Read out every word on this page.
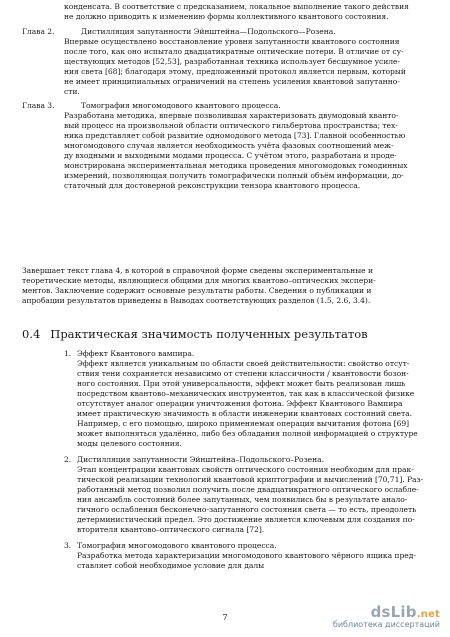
конденсата. В соответствие с предсказанием, локальное выполнение такого действия
не должно приводить к изменению формы коллективного квантового состояния.
Глава 2.	Дистилляция запутанности Эйнштейна—Подольского—Розена.
Впервые осуществлено восстановление уровня запутанности квантового состояния
после того, как оно испытало двадцатикратные оптические потери. В отличие от су-
ществующих методов [52,53], разработанная техника использует бесшумное усиле-
ния света [68]; благодаря этому, предложенный протокол является первым, который
не имеет принципиальных ограничений на степень усиления квантовой запутанно-
сти.
Глава 3.	Томография многомодового квантового процесса.
Разработана методика, впервые позволившая характеризовать двумодовый кванто-
вый процесс на произвольной области оптического гильбертова пространства; тех-
ника представляет собой развитие одномодового метода [73]. Главной особенностью
многомодового случая является необходимость учёта фазовых соотношений меж-
ду входными и выходными модами процесса. С учётом этого, разработана и проде-
монстрирована экспериментальная методика проведения многомодовых гомодинных
измерений, позволяющая получить томографически полный объём информации, до-
статочный для достоверной реконструкции тензора квантового процесса.
Завершает текст глава 4, в которой в справочной форме сведены экспериментальные и
теоретические методы, являющиеся общими для многих квантово–оптических экспери-
ментов. Заключение содержит основные результаты работы. Сведения о публикации и
апробации результатов приведены в Выводах соответствующих разделов (1.5, 2.6, 3.4).
0.4 Практическая значимость полученных результатов
1. Эффект Квантового вампира.
Эффект является уникальным по области своей действительности: свойство отсут-
ствия тени сохраняется независимо от степени классичности / квантовости бозон-
ного состояния. При этой универсальности, эффект может быть реализован лишь
посредством квантово–механических инструментов, так как в классической физике
отсутствует аналог операции уничтожения фотона. Эффект Квантового Вампира
имеет практическую значимость в области инженерии квантовых состояний света.
Например, с его помощью, широко применяемая операция вычитания фотона [69]
может выполняться удалённо, либо без обладания полной информацией о структуре
моды целевого состояния.
2. Дистилляция запутанности Эйнштейна–Подольского–Розена.
Этап концентрации квантовых свойств оптического состояния необходим для прак-
тической реализации технологий квантовой криптографии и вычислений [70,71]. Раз-
работанный метод позволил получить после двадцатикратного оптического ослабле-
ния ансамбль состояний более запутанных, чем появились бы в результате анало-
гичного ослабления бесконечно-запутанного состояния света — то есть, преодолеть
детерминистический предел. Это достижение является ключевым для создания по-
вторителя квантово–оптического сигнала [72].
3. Томография многомодового квантового процесса.
Разработка метода характеризации многомодового квантового чёрного ящика пред-
ставляет собой необходимое условие для далы
7	dsLib.net
библиотека диссертаций
